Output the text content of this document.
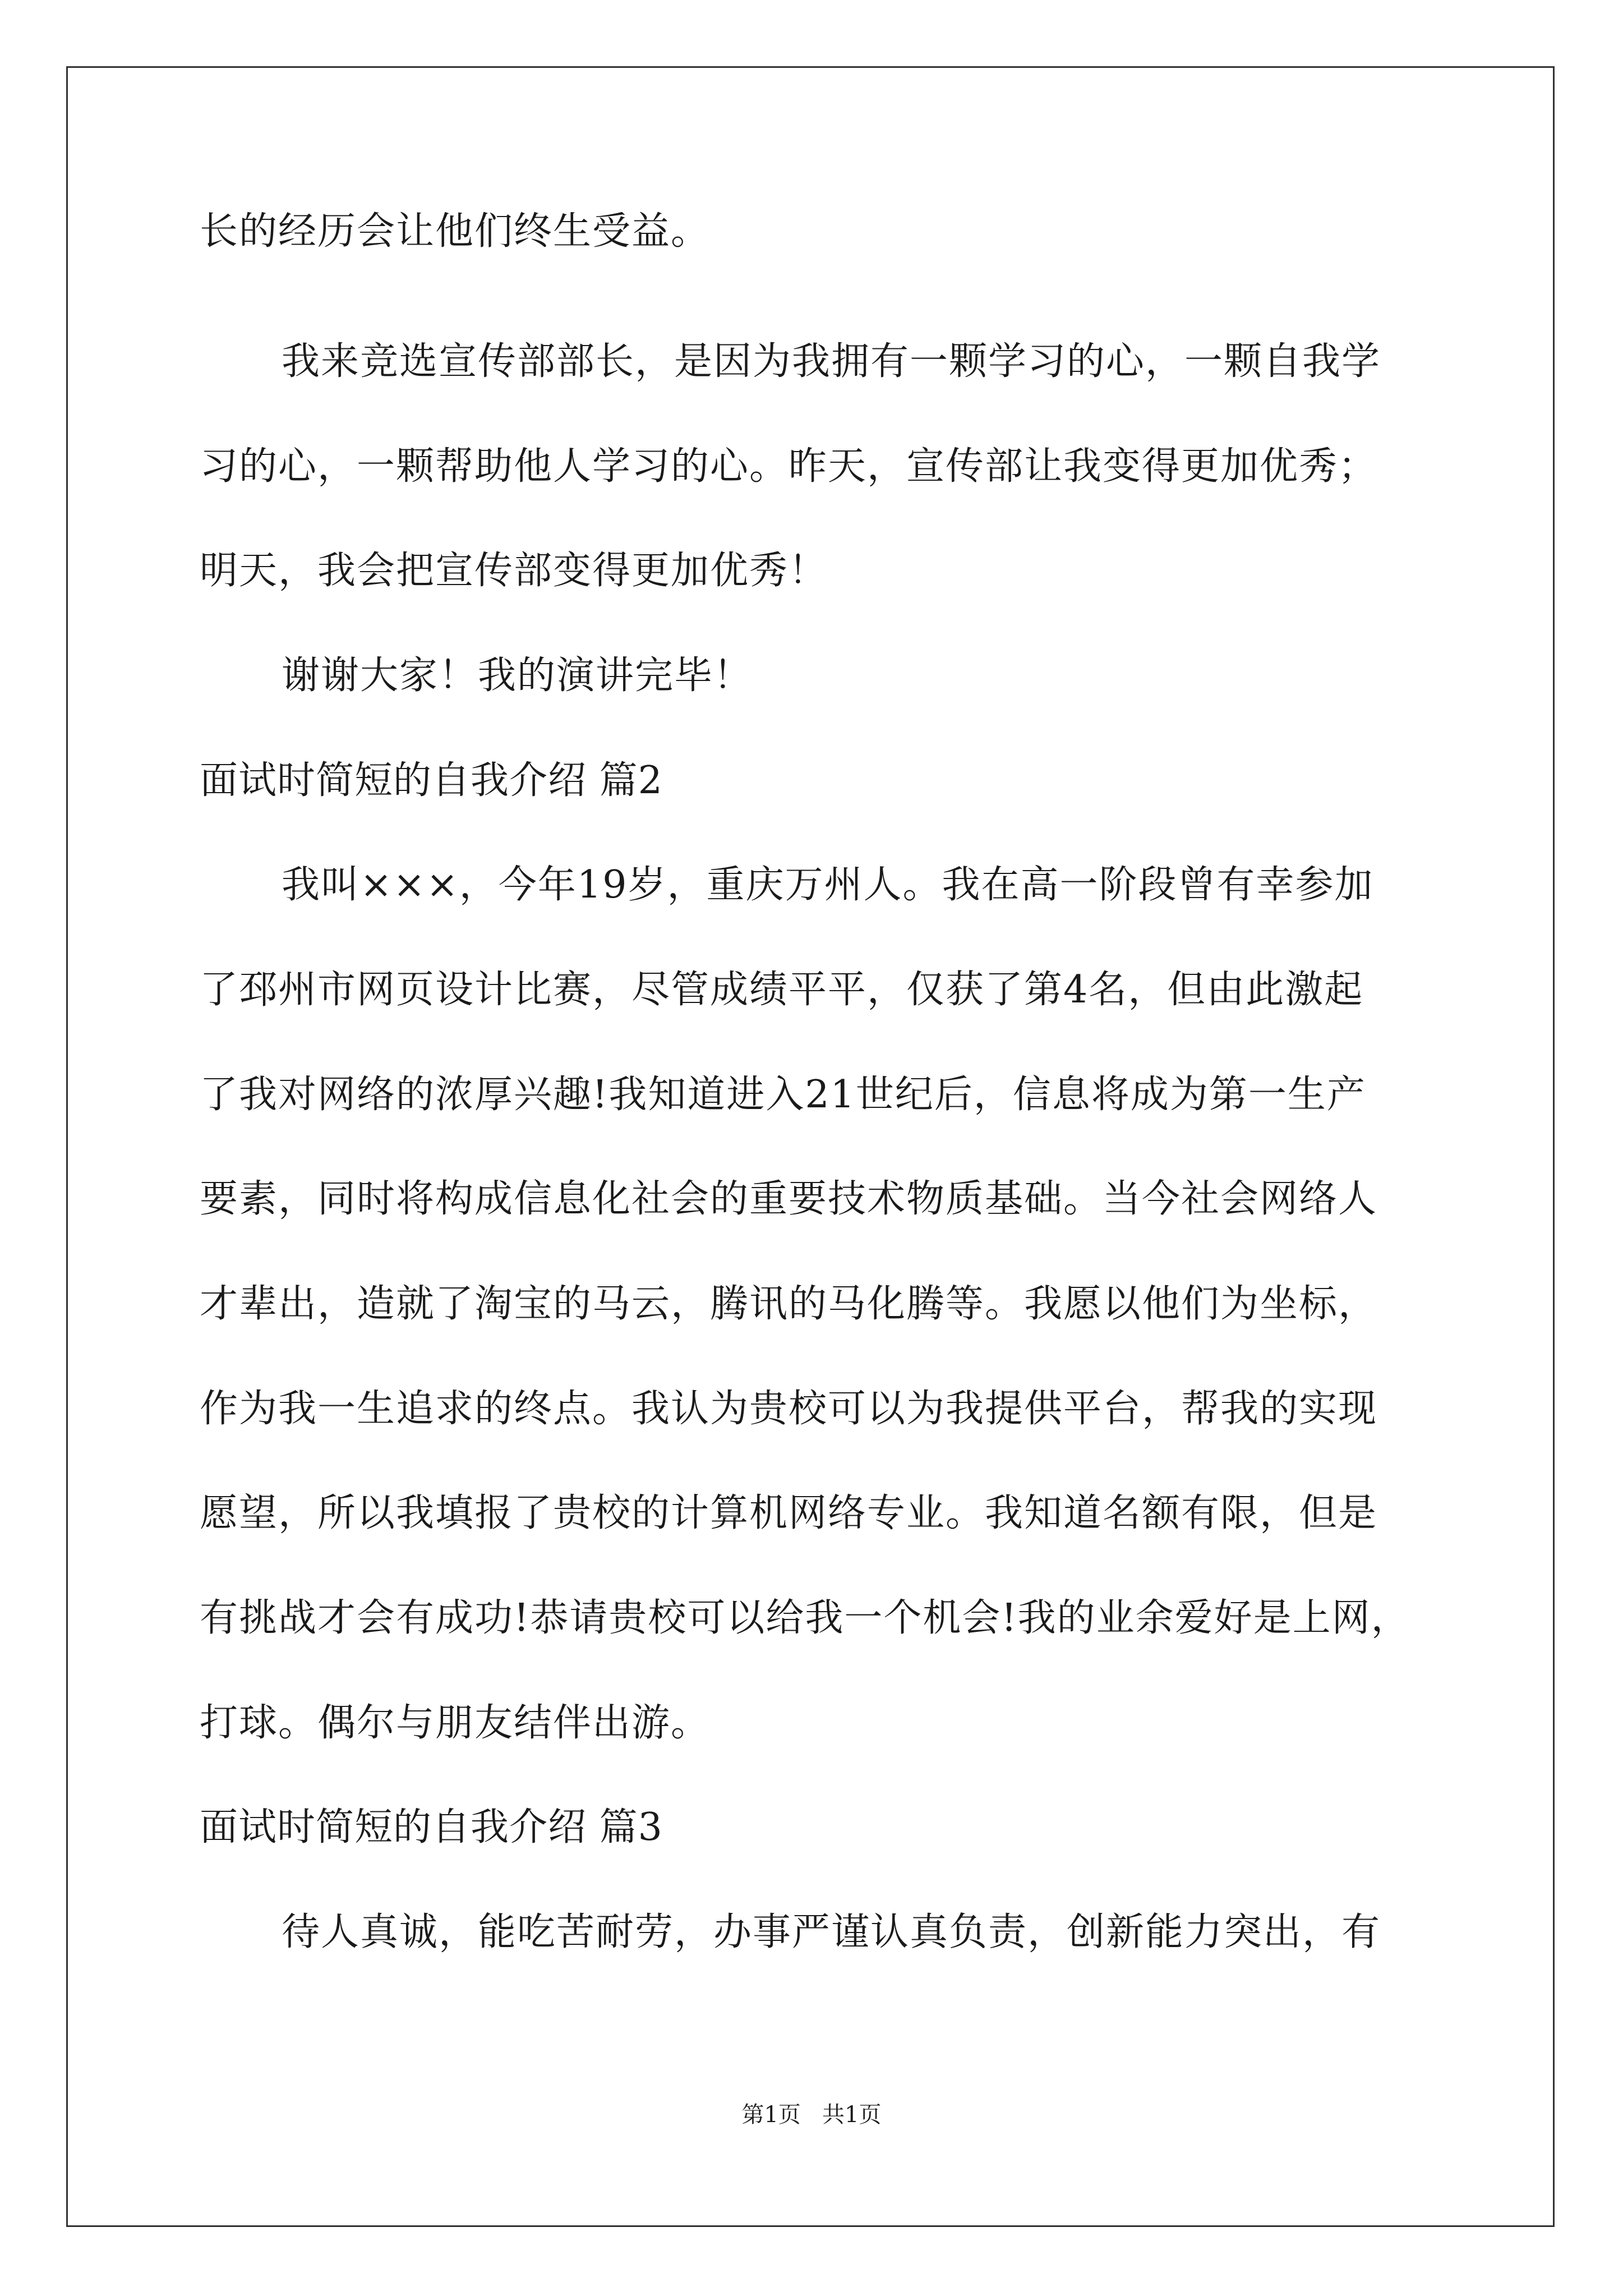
长的经历会让他们终生受益。
我来竞选宣传部部长，是因为我拥有一颗学习的心，一颗自我学
习的心，一颗帮助他人学习的心。昨天，宣传部让我变得更加优秀；
明天，我会把宣传部变得更加优秀！
谢谢大家！我的演讲完毕！
面试时简短的自我介绍 篇2
我叫×××，今年19岁，重庆万州人。我在高一阶段曾有幸参加
了邳州市网页设计比赛，尽管成绩平平，仅获了第4名，但由此激起
了我对网络的浓厚兴趣!我知道进入21世纪后，信息将成为第一生产
要素，同时将构成信息化社会的重要技术物质基础。当今社会网络人
才辈出，造就了淘宝的马云，腾讯的马化腾等。我愿以他们为坐标，
作为我一生追求的终点。我认为贵校可以为我提供平台，帮我的实现
愿望，所以我填报了贵校的计算机网络专业。我知道名额有限，但是
有挑战才会有成功!恭请贵校可以给我一个机会!我的业余爱好是上网，
打球。偶尔与朋友结伴出游。
面试时简短的自我介绍 篇3
待人真诚，能吃苦耐劳，办事严谨认真负责，创新能力突出，有
第1页   共1页
